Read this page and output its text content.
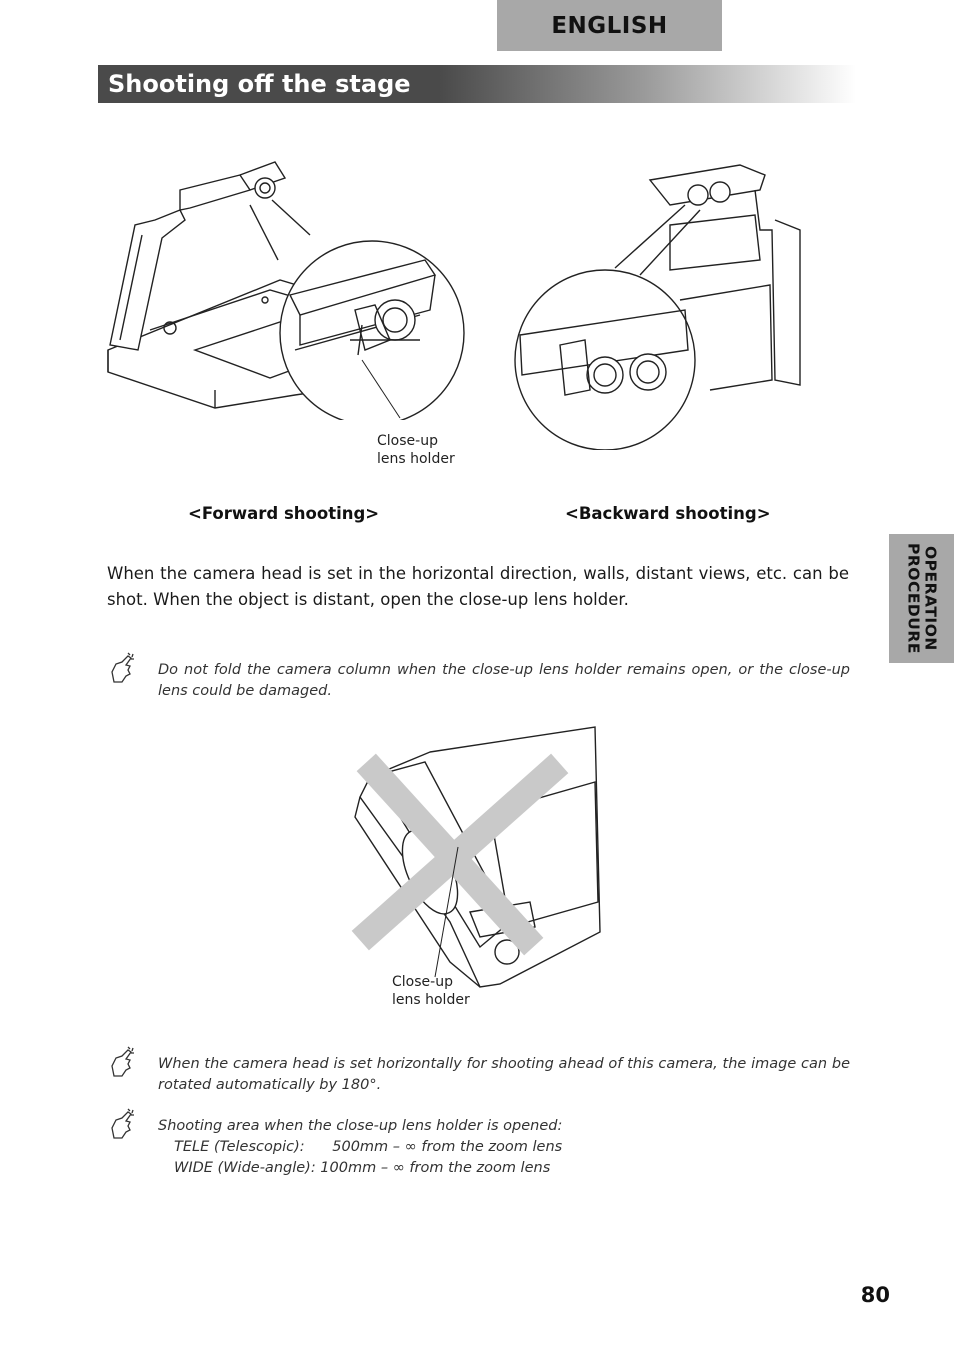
ENGLISH
Shooting off the stage
Close-up
lens holder
<Forward shooting>	<Backward shooting>
When the camera head is set in the horizontal direction, walls, distant views, etc. can be shot. When the object is distant, open the close-up lens holder.
Do not fold the camera column when the close-up lens holder remains open, or the close-up lens could be damaged.
Close-up
lens holder
When the camera head is set horizontally for shooting ahead of this camera, the image can be rotated automatically by 180°.
Shooting area when the close-up lens holder is opened:
TELE (Telescopic):      500mm – ∞ from the zoom lens
WIDE (Wide-angle): 100mm – ∞ from the zoom lens
OPERATION PROCEDURE
80
